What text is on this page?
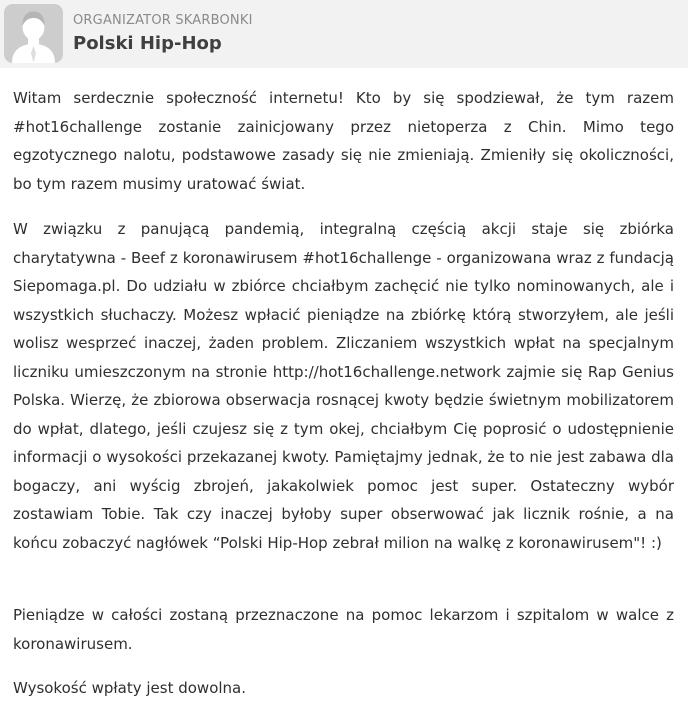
ORGANIZATOR SKARBONKI
Polski Hip-Hop

Witam serdecznie społeczność internetu! Kto by się spodziewał, że tym razem #hot16challenge zostanie zainicjowany przez nietoperza z Chin. Mimo tego egzotycznego nalotu, podstawowe zasady się nie zmieniają. Zmieniły się okoliczności, bo tym razem musimy uratować świat.

W związku z panującą pandemią, integralną częścią akcji staje się zbiórka charytatywna - Beef z koronawirusem #hot16challenge - organizowana wraz z fundacją Siepomaga.pl. Do udziału w zbiórce chciałbym zachęcić nie tylko nominowanych, ale i wszystkich słuchaczy. Możesz wpłacić pieniądze na zbiórkę którą stworzyłem, ale jeśli wolisz wesprzeć inaczej, żaden problem. Zliczaniem wszystkich wpłat na specjalnym liczniku umieszczonym na stronie http://hot16challenge.network zajmie się Rap Genius Polska. Wierzę, że zbiorowa obserwacja rosnącej kwoty będzie świetnym mobilizatorem do wpłat, dlatego, jeśli czujesz się z tym okej, chciałbym Cię poprosić o udostępnienie informacji o wysokości przekazanej kwoty. Pamiętajmy jednak, że to nie jest zabawa dla bogaczy, ani wyścig zbrojeń, jakakolwiek pomoc jest super. Ostateczny wybór zostawiam Tobie. Tak czy inaczej byłoby super obserwować jak licznik rośnie, a na końcu zobaczyć nagłówek “Polski Hip-Hop zebrał milion na walkę z koronawirusem"! :)

Pieniądze w całości zostaną przeznaczone na pomoc lekarzom i szpitalom w walce z koronawirusem.

Wysokość wpłaty jest dowolna.
